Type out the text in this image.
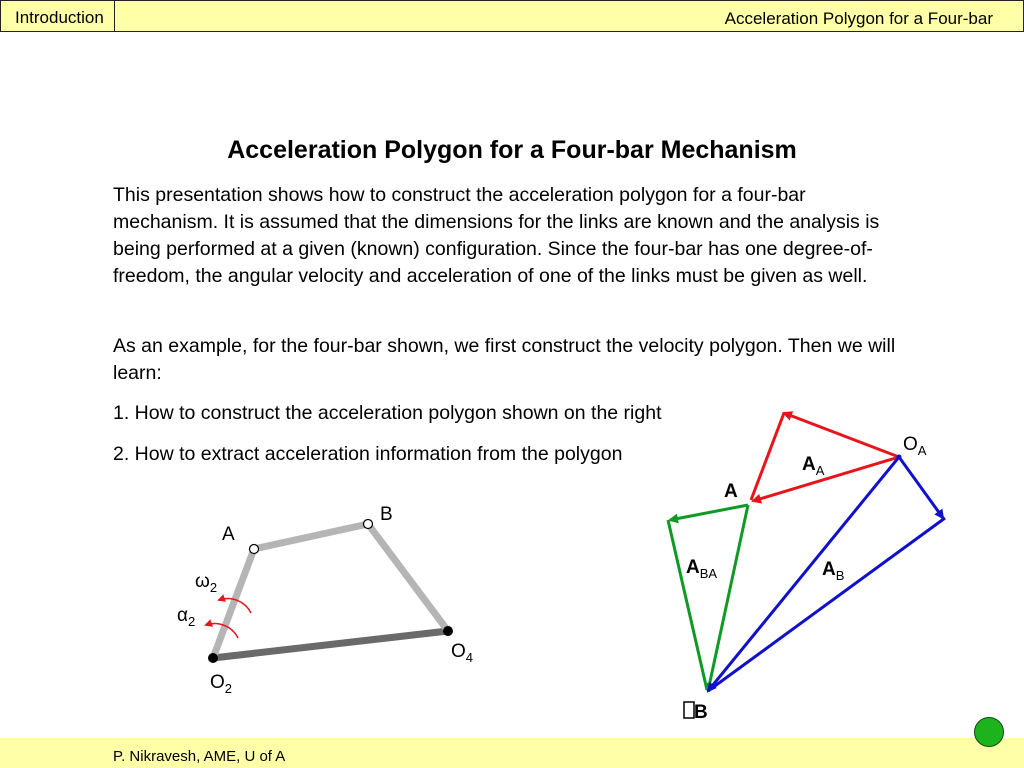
Introduction	Acceleration Polygon for a Four-bar
Acceleration Polygon for a Four-bar Mechanism
This presentation shows how to construct the acceleration polygon for a four-bar mechanism. It is assumed that the dimensions for the links are known and the analysis is being performed at a given (known) configuration. Since the four-bar has one degree-of-freedom, the angular velocity and acceleration of one of the links must be given as well.
As an example, for the four-bar shown, we first construct the velocity polygon. Then we will learn:
1. How to construct the acceleration polygon shown on the right
2. How to extract acceleration information from the polygon
A
B
$O_2$
$O_4$
$\omega_2$
$\alpha_2$
$O_A$
$A_A$
A
$A_{BA}$	$A_B$
B
P. Nikravesh, AME, U of A
